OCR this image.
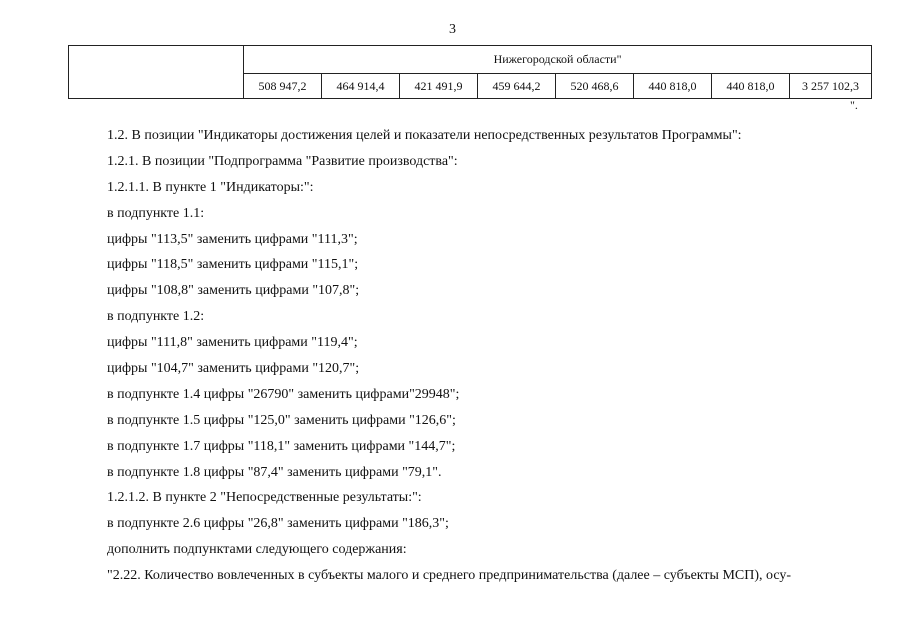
3
	Нижегородской области"							
	508 947,2	464 914,4	421 491,9	459 644,2	520 468,6	440 818,0	440 818,0	3 257 102,3
".
1.2. В позиции "Индикаторы достижения целей и показатели непосредственных результатов Программы":
1.2.1. В позиции "Подпрограмма "Развитие производства":
1.2.1.1. В пункте 1 "Индикаторы:":
в подпункте 1.1:
цифры "113,5" заменить цифрами "111,3";
цифры "118,5" заменить цифрами "115,1";
цифры "108,8" заменить цифрами "107,8";
в подпункте 1.2:
цифры "111,8" заменить цифрами "119,4";
цифры "104,7" заменить цифрами "120,7";
в подпункте 1.4 цифры "26790" заменить цифрами"29948";
в подпункте 1.5 цифры "125,0" заменить цифрами "126,6";
в подпункте 1.7 цифры "118,1" заменить цифрами "144,7";
в подпункте 1.8 цифры "87,4" заменить цифрами "79,1".
1.2.1.2. В пункте 2 "Непосредственные результаты:":
в подпункте 2.6 цифры "26,8" заменить цифрами "186,3";
дополнить подпунктами следующего содержания:
"2.22. Количество вовлеченных в субъекты малого и среднего предпринимательства (далее – субъекты МСП), осу-
